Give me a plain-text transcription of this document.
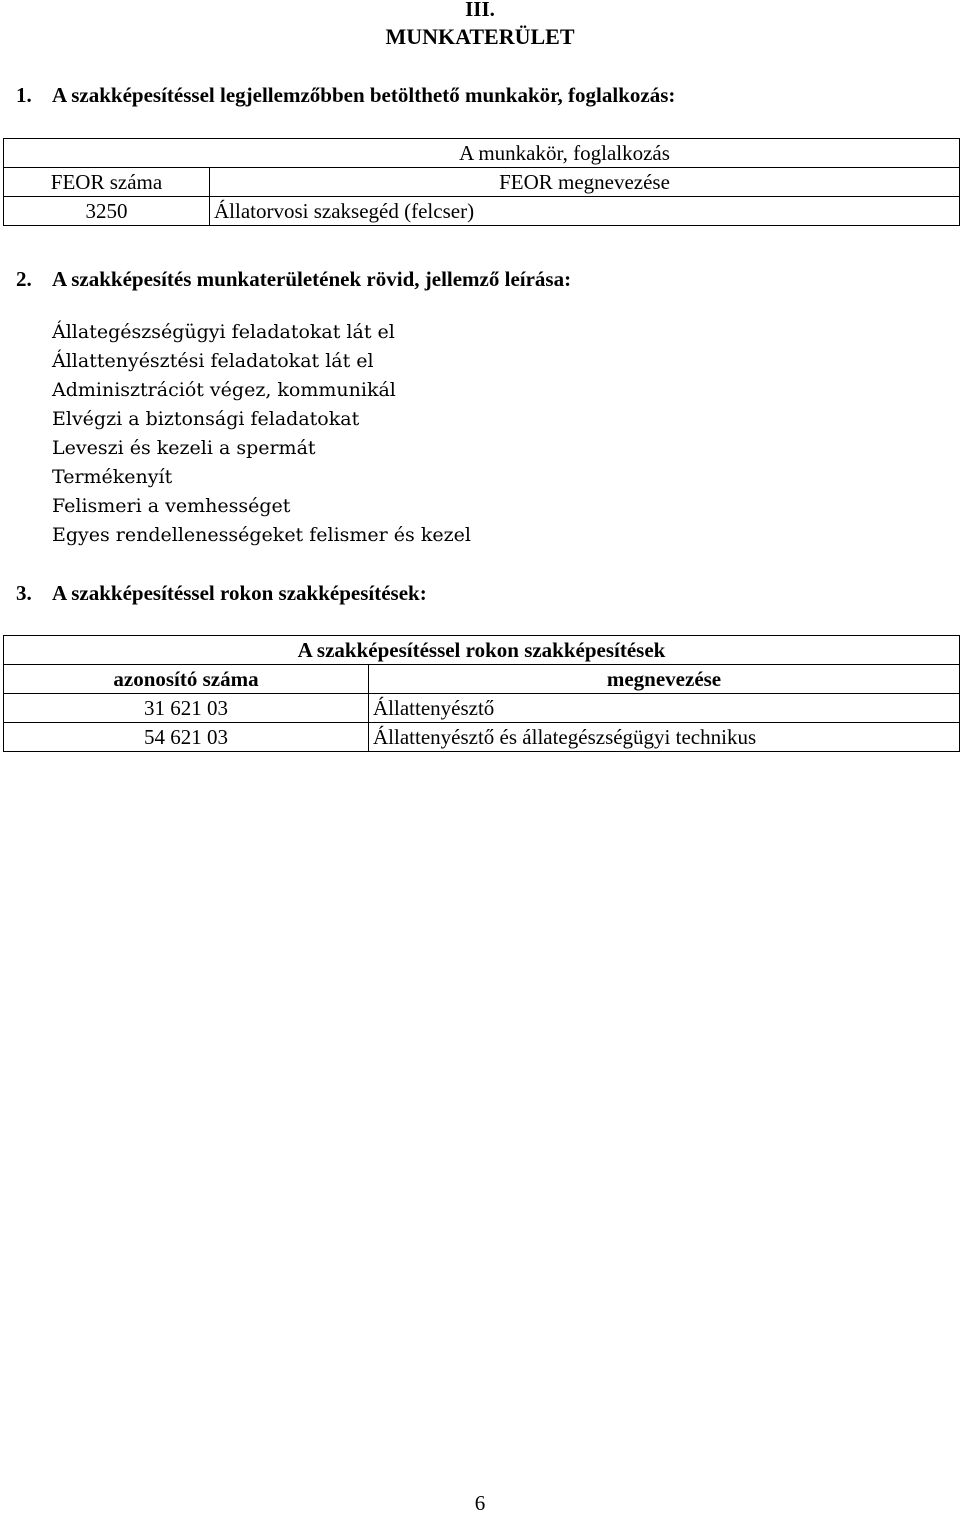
III.
MUNKATERÜLET
1. A szakképesítéssel legjellemzőbben betölthető munkakör, foglalkozás:
A munkakör, foglalkozás	
FEOR száma	FEOR megnevezése
3250	Állatorvosi szaksegéd (felcser)
2. A szakképesítés munkaterületének rövid, jellemző leírása:
Állategészségügyi feladatokat lát el
Állattenyésztési feladatokat lát el
Adminisztrációt végez, kommunikál
Elvégzi a biztonsági feladatokat
Leveszi és kezeli a spermát
Termékenyít
Felismeri a vemhességet
Egyes rendellenességeket felismer és kezel
3. A szakképesítéssel rokon szakképesítések:
A szakképesítéssel rokon szakképesítések	
azonosító száma	megnevezése
31 621 03	Állattenyésztő
54 621 03	Állattenyésztő és állategészségügyi technikus
6
